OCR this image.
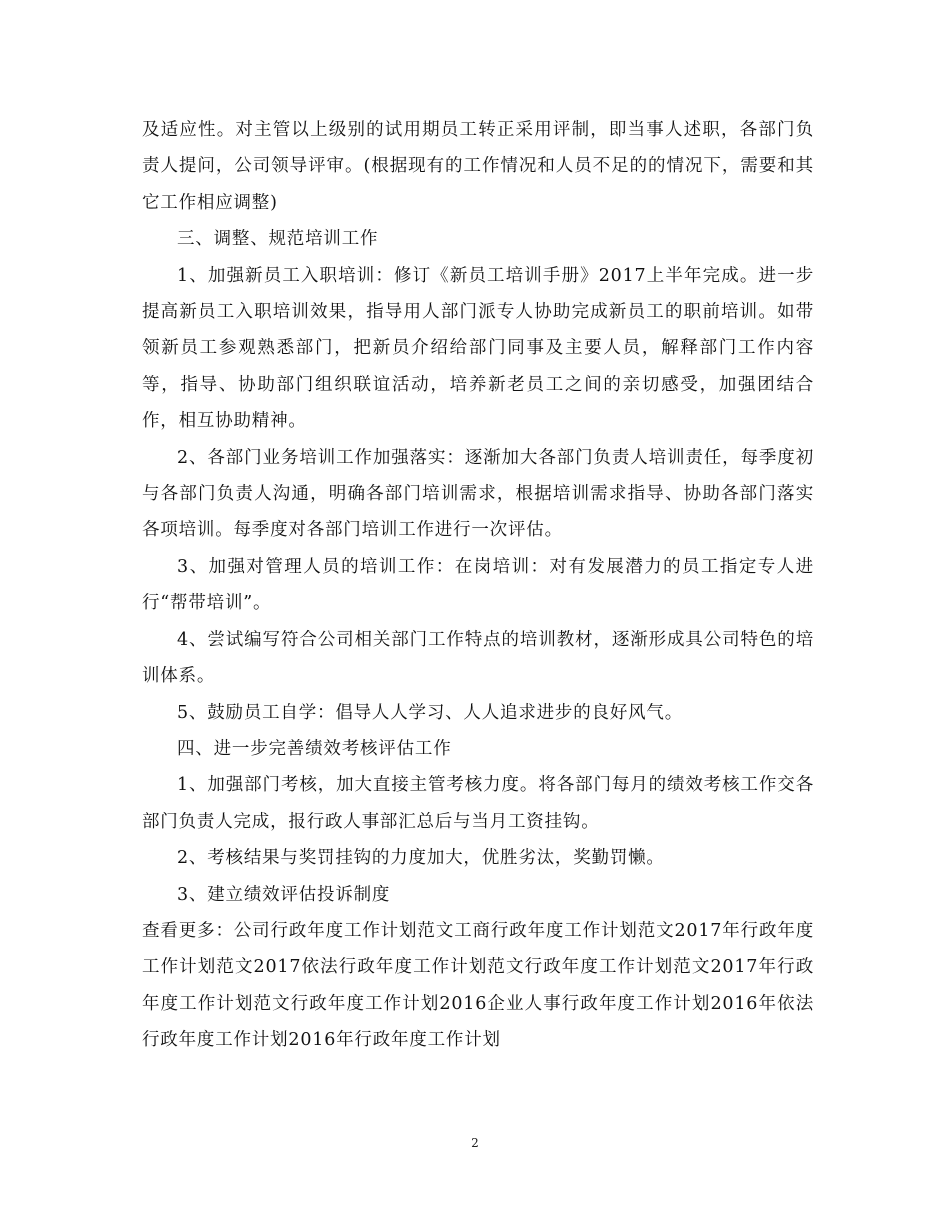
及适应性。对主管以上级别的试用期员工转正采用评制，即当事人述职，各部门负责人提问，公司领导评审。(根据现有的工作情况和人员不足的的情况下，需要和其它工作相应调整)

三、调整、规范培训工作

1、加强新员工入职培训：修订《新员工培训手册》2017上半年完成。进一步提高新员工入职培训效果，指导用人部门派专人协助完成新员工的职前培训。如带领新员工参观熟悉部门，把新员介绍给部门同事及主要人员，解释部门工作内容等，指导、协助部门组织联谊活动，培养新老员工之间的亲切感受，加强团结合作，相互协助精神。

2、各部门业务培训工作加强落实：逐渐加大各部门负责人培训责任，每季度初与各部门负责人沟通，明确各部门培训需求，根据培训需求指导、协助各部门落实各项培训。每季度对各部门培训工作进行一次评估。

3、加强对管理人员的培训工作：在岗培训：对有发展潜力的员工指定专人进行“帮带培训”。

4、尝试编写符合公司相关部门工作特点的培训教材，逐渐形成具公司特色的培训体系。

5、鼓励员工自学：倡导人人学习、人人追求进步的良好风气。

四、进一步完善绩效考核评估工作

1、加强部门考核，加大直接主管考核力度。将各部门每月的绩效考核工作交各部门负责人完成，报行政人事部汇总后与当月工资挂钩。

2、考核结果与奖罚挂钩的力度加大，优胜劣汰，奖勤罚懒。

3、建立绩效评估投诉制度

查看更多：公司行政年度工作计划范文工商行政年度工作计划范文2017年行政年度工作计划范文2017依法行政年度工作计划范文行政年度工作计划范文2017年行政年度工作计划范文行政年度工作计划2016企业人事行政年度工作计划2016年依法行政年度工作计划2016年行政年度工作计划

2
